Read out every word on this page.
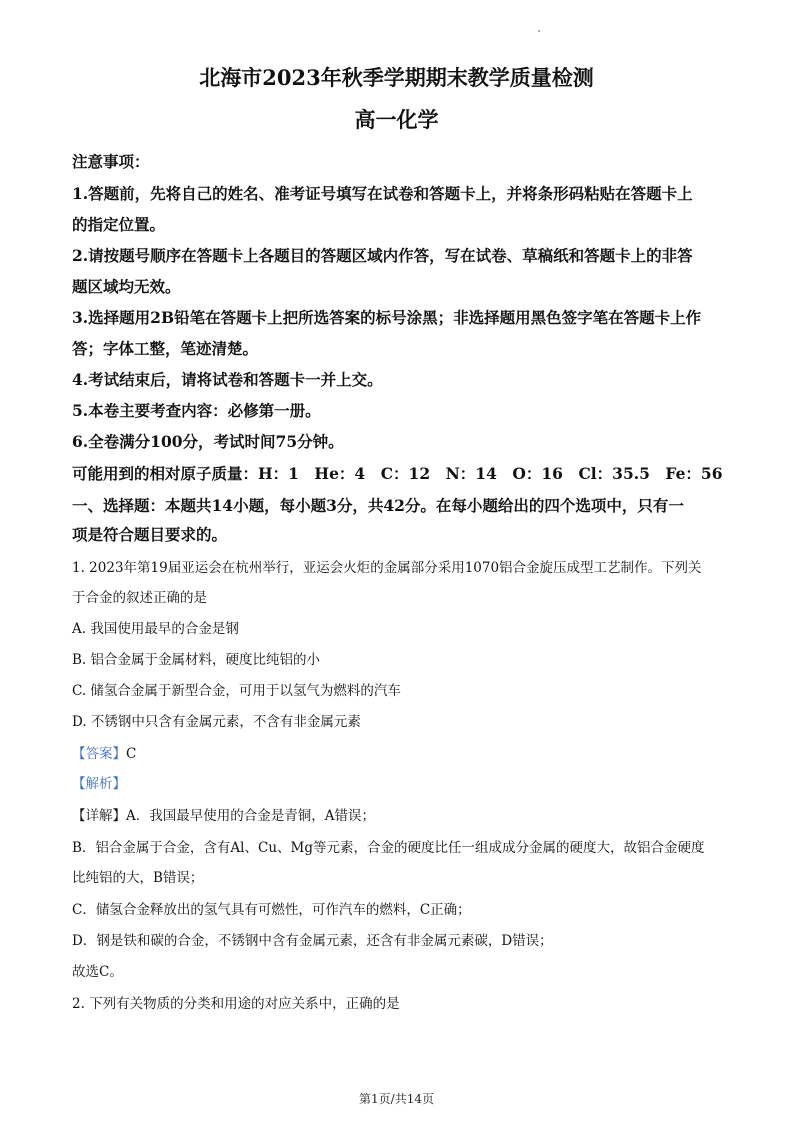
北海市2023年秋季学期期末教学质量检测
高一化学
注意事项：
1.答题前，先将自己的姓名、准考证号填写在试卷和答题卡上，并将条形码粘贴在答题卡上
的指定位置。
2.请按题号顺序在答题卡上各题目的答题区域内作答，写在试卷、草稿纸和答题卡上的非答
题区域均无效。
3.选择题用2B铅笔在答题卡上把所选答案的标号涂黑；非选择题用黑色签字笔在答题卡上作
答；字体工整，笔迹清楚。
4.考试结束后，请将试卷和答题卡一并上交。
5.本卷主要考查内容：必修第一册。
6.全卷满分100分，考试时间75分钟。
可能用到的相对原子质量：H：1　He：4　C：12　N：14　O：16　Cl：35.5　Fe：56
一、选择题：本题共14小题，每小题3分，共42分。在每小题给出的四个选项中，只有一
项是符合题目要求的。
1. 2023年第19届亚运会在杭州举行，亚运会火炬的金属部分采用1070铝合金旋压成型工艺制作。下列关
于合金的叙述正确的是
A. 我国使用最早的合金是钢
B. 铝合金属于金属材料，硬度比纯铝的小
C. 储氢合金属于新型合金，可用于以氢气为燃料的汽车
D. 不锈钢中只含有金属元素，不含有非金属元素
【答案】C
【解析】
【详解】A．我国最早使用的合金是青铜，A错误；
B．铝合金属于合金，含有Al、Cu、Mg等元素，合金的硬度比任一组成成分金属的硬度大，故铝合金硬度
比纯铝的大，B错误；
C．储氢合金释放出的氢气具有可燃性，可作汽车的燃料，C正确；
D．钢是铁和碳的合金，不锈钢中含有金属元素，还含有非金属元素碳，D错误；
故选C。
2. 下列有关物质的分类和用途的对应关系中，正确的是
第1页/共14页
